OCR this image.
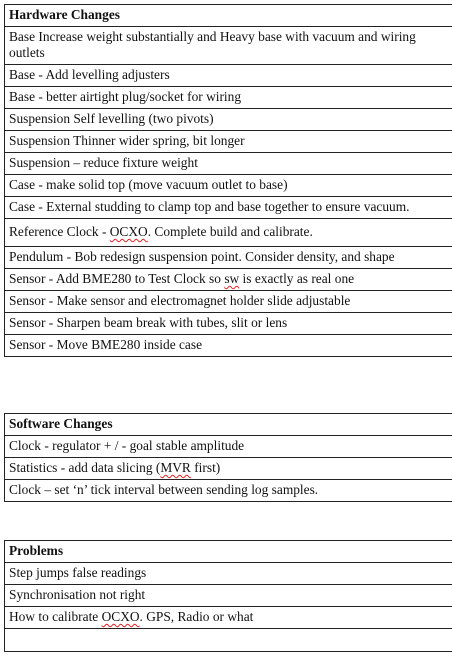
Hardware Changes
Base Increase weight substantially and Heavy base with vacuum and wiring outlets
Base - Add levelling adjusters
Base - better airtight plug/socket for wiring
Suspension Self levelling (two pivots)
Suspension Thinner wider spring, bit longer
Suspension – reduce fixture weight
Case - make solid top (move vacuum outlet to base)
Case - External studding to clamp top and base together to ensure vacuum.
Reference Clock - OCXO. Complete build and calibrate.
Pendulum - Bob redesign suspension point. Consider density, and shape
Sensor - Add BME280 to Test Clock so sw is exactly as real one
Sensor - Make sensor and electromagnet holder slide adjustable
Sensor - Sharpen beam break with tubes, slit or lens
Sensor - Move BME280 inside case
Software Changes
Clock - regulator + / - goal stable amplitude
Statistics - add data slicing (MVR first)
Clock – set ‘n’ tick interval between sending log samples.
Problems
Step jumps false readings
Synchronisation not right
How to calibrate OCXO. GPS, Radio or what
